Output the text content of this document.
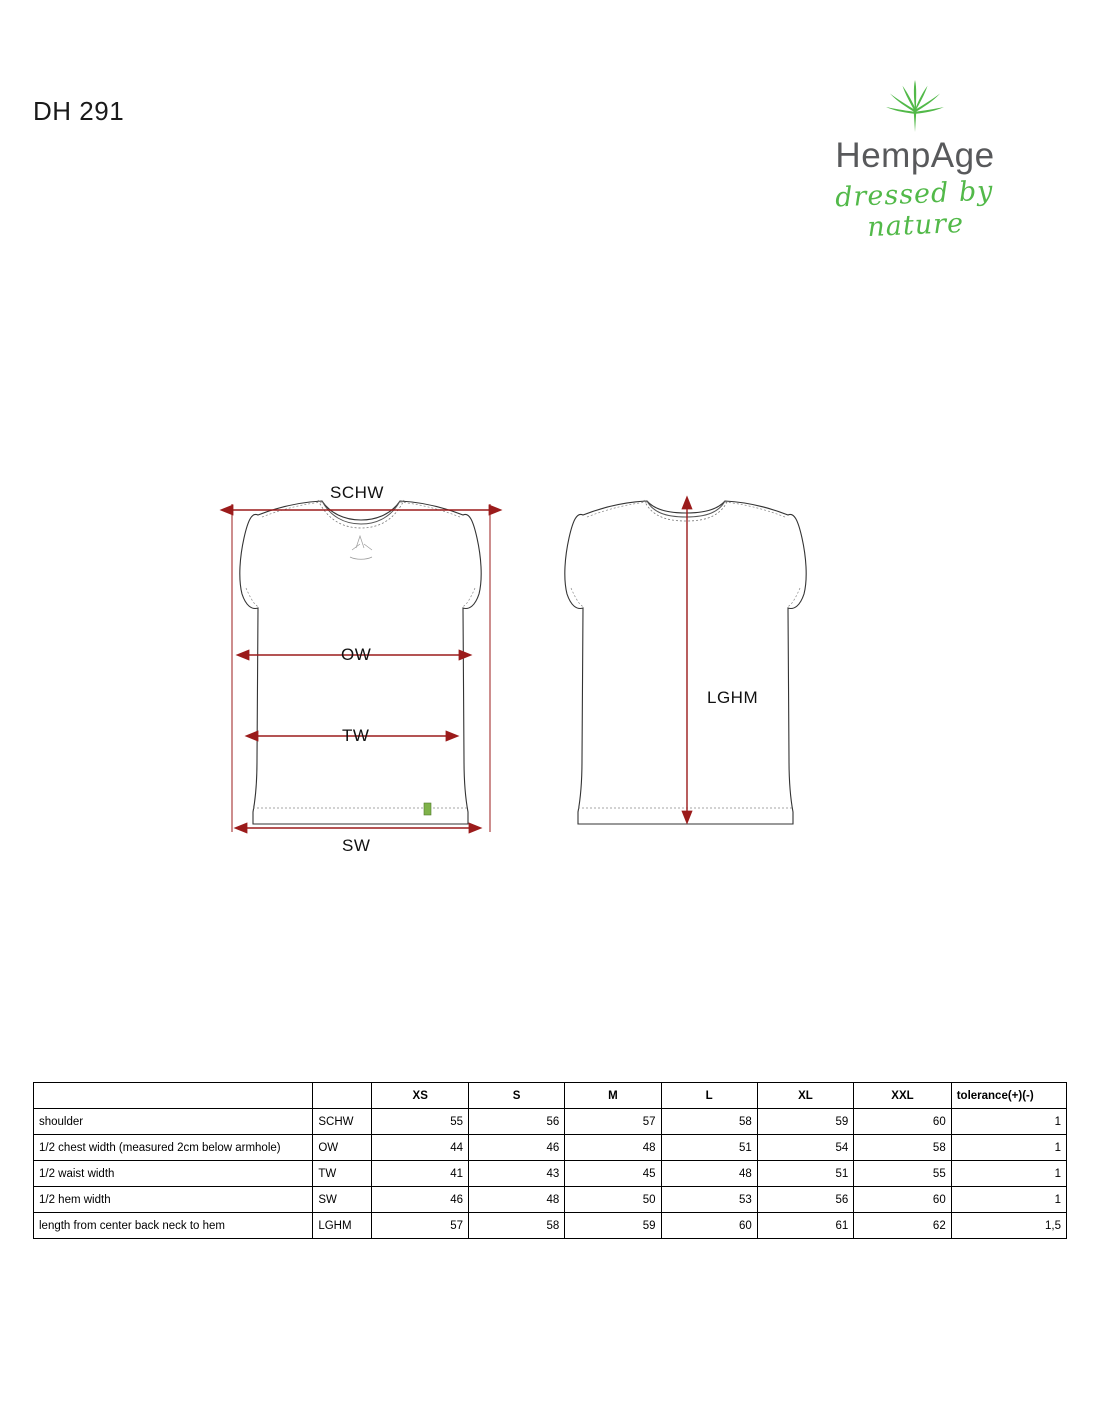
DH 291
HempAge
dressed by nature
SCHW
OW
TW
SW
LGHM
		XS	S	M	L	XL	XXL	tolerance(+)(-)
shoulder	SCHW	55	56	57	58	59	60	1
1/2 chest width (measured 2cm below armhole)	OW	44	46	48	51	54	58	1
1/2 waist width	TW	41	43	45	48	51	55	1
1/2 hem width	SW	46	48	50	53	56	60	1
length from center back neck to hem	LGHM	57	58	59	60	61	62	1,5
